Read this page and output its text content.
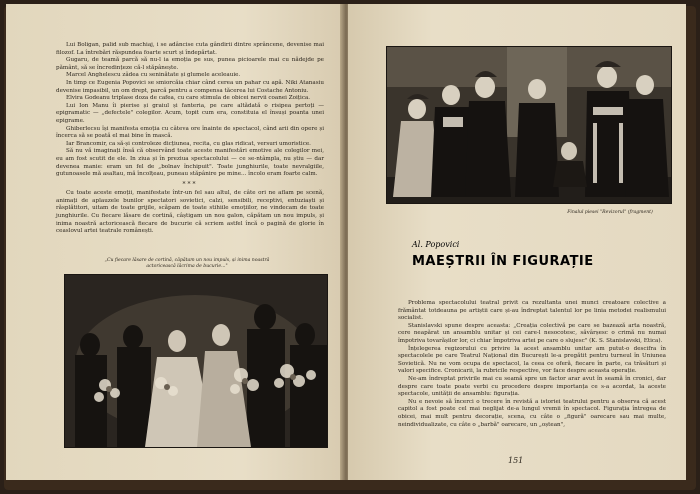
Lui Boligan, palid sub machiaj, i se adâncise cuta gândirii dintre sprâncene, devenise mai filozof. La întrebări răspundea foarte scurt și îndepărtat.

Gugaru, de teamă parcă să nu-l ia emoția pe sus, punea picioarele mai cu nădejde pe pământ, să se încredințeze că-l stăpânește.

Marcel Anghelescu zâdea cu seninătate și glumele aceleauie.

In timp ce Eugenia Popovici se smiorcăia chiar când cerea un pahar cu apă. Niki Atanasiu devenise impasibil, un om drept, parcă pentru a compensa tăcerea lui Costache Antoniu.

Elvira Godeanu triplase doza de cafea, cu care stimula de obicei nervii coanei Zoițica.

Lui Ion Manu îi pierise și graiul și fanteria, pe care altădată o risipea pertoți — epigramatic — „defectele" colegilor. Acum, topit cum era, constituia el însuși poanta unei epigrame.

Ghiberlecsu își manifesta emoția cu câteva ore înainte de spectacol, când arii din opere și încerca să se poată el mai bine în mască.

Iar Brancomir, ca să-și controleze dicțiunea, recita, cu glas ridicat, versuri umoristice.

Să nu vă imaginați însă că observând toate aceste manifestări emotive ale colegilor mei, eu am fost scutit de ele. In ziua și în preziua spectacolului — ce se-ntâmpla, nu știu — dar devenea manie: eram un fel de „bolnav închipuit". Toate junghiurile, toate nevralgiile, gutunoasele mă asaltau, mă încolțeau, puneau stăpânire pe mine... încolo eram foarte calm.

***

Cu toate aceste emoții, manifestate într-un fel sau altul, de câte ori ne aflam pe scenă, animați de aplauzele bunilor spectatori sovietici, calzi, sensibili, receptivi, entuziaști și răsplătitori, uitam de toate grijile, scăpam de toate stihiile emoțiilor, ne vindecam de toate junghiurile. Cu fiecare lăsare de cortină, câștigam un nou galon, căpătam un nou impuls, și inima noastră actoricească fiecare de bucurie că scriem astfel încă o pagină de glorie în ceaslovul artei teatrale românești.

„Cu fiecare lăsare de cortină, căpătam un nou impuls, și inima noastră actoricească lăcrima de bucurie..."
Finalul piesei "Revizorul" (fragment)

Problema spectacolului teatral privit ca rezultanta unei munci creatoare colective a frământat totdeauna pe artiștii care și-au îndreptat talentul lor pe linia metodei realismului socialist.

Stanislavski spune despre aceasta: „Creația colectivă pe care se bazează arta noastră, cere neapărat un ansamblu unitar și cei care-l nesocotesc, săvârșesc o crimă nu numai împotriva tovarășilor lor, ci chiar împotriva artei pe care o slujesc" (K. S. Stanislavski, Etica).

Înțelegerea regizorului cu privire la acest ansamblu unitar am putut-o descifra în spectacolele pe care Teatrul Național din București le-a pregătit pentru turneul în Uniunea Sovietică. Nu ne vom ocupa de spectacol, la ceea ce oferă, fiecare în parte, ca trăsături și valori specifice. Cronicarii, la rubricile respective, vor face despre aceasta operație.

Ne-am îndreptat privirile mai cu seamă spre un factor arar avut în seamă în cronici, dar despre care toate poate verbi cu procedere despre importanța ce s-a acordat, la aceste spectacole, unității de ansamblu: figurația.

Nu e nevoie să încerci o trecere în revistă a istoriei teatrului pentru a observa că acest capitol a fost poate cel mai neglijat de-a lungul vremii în spectacol. Figurația întregea de obicei, mai mult pentru decorație, scena, cu câte o „figură" oarecare sau mai multe, neindividualizate, cu câte o „barbă" oarecare, un „oștean",

151
Al. Popovici
MAEȘTRII ÎN FIGURAȚIE
